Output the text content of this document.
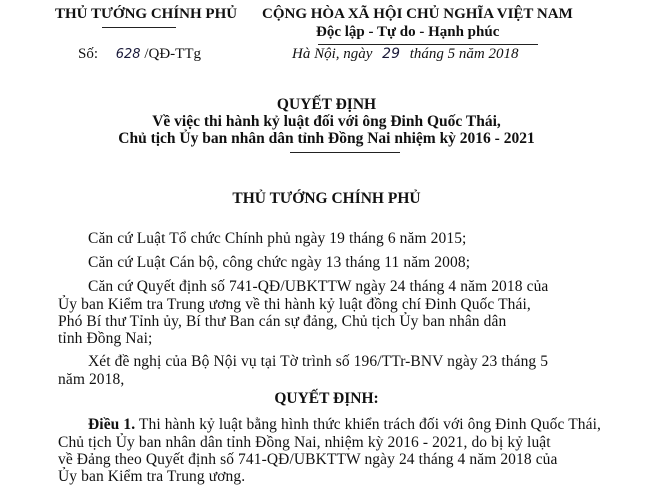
THỦ TƯỚNG CHÍNH PHỦ
Số: 628 /QĐ-TTg
CỘNG HÒA XÃ HỘI CHỦ NGHĨA VIỆT NAM
Độc lập - Tự do - Hạnh phúc
Hà Nội, ngày 29 tháng 5 năm 2018
QUYẾT ĐỊNH
Về việc thi hành kỷ luật đối với ông Đinh Quốc Thái,
Chủ tịch Ủy ban nhân dân tỉnh Đồng Nai nhiệm kỳ 2016 - 2021
THỦ TƯỚNG CHÍNH PHỦ
Căn cứ Luật Tổ chức Chính phủ ngày 19 tháng 6 năm 2015;
Căn cứ Luật Cán bộ, công chức ngày 13 tháng 11 năm 2008;
Căn cứ Quyết định số 741-QĐ/UBKTTW ngày 24 tháng 4 năm 2018 của
Ủy ban Kiểm tra Trung ương về thi hành kỷ luật đồng chí Đinh Quốc Thái,
Phó Bí thư Tỉnh ủy, Bí thư Ban cán sự đảng, Chủ tịch Ủy ban nhân dân
tỉnh Đồng Nai;
Xét đề nghị của Bộ Nội vụ tại Tờ trình số 196/TTr-BNV ngày 23 tháng 5
năm 2018,
QUYẾT ĐỊNH:
Điều 1. Thi hành kỷ luật bằng hình thức khiển trách đối với ông Đinh Quốc Thái,
Chủ tịch Ủy ban nhân dân tỉnh Đồng Nai, nhiệm kỳ 2016 - 2021, do bị kỷ luật
về Đảng theo Quyết định số 741-QĐ/UBKTTW ngày 24 tháng 4 năm 2018 của
Ủy ban Kiểm tra Trung ương.
